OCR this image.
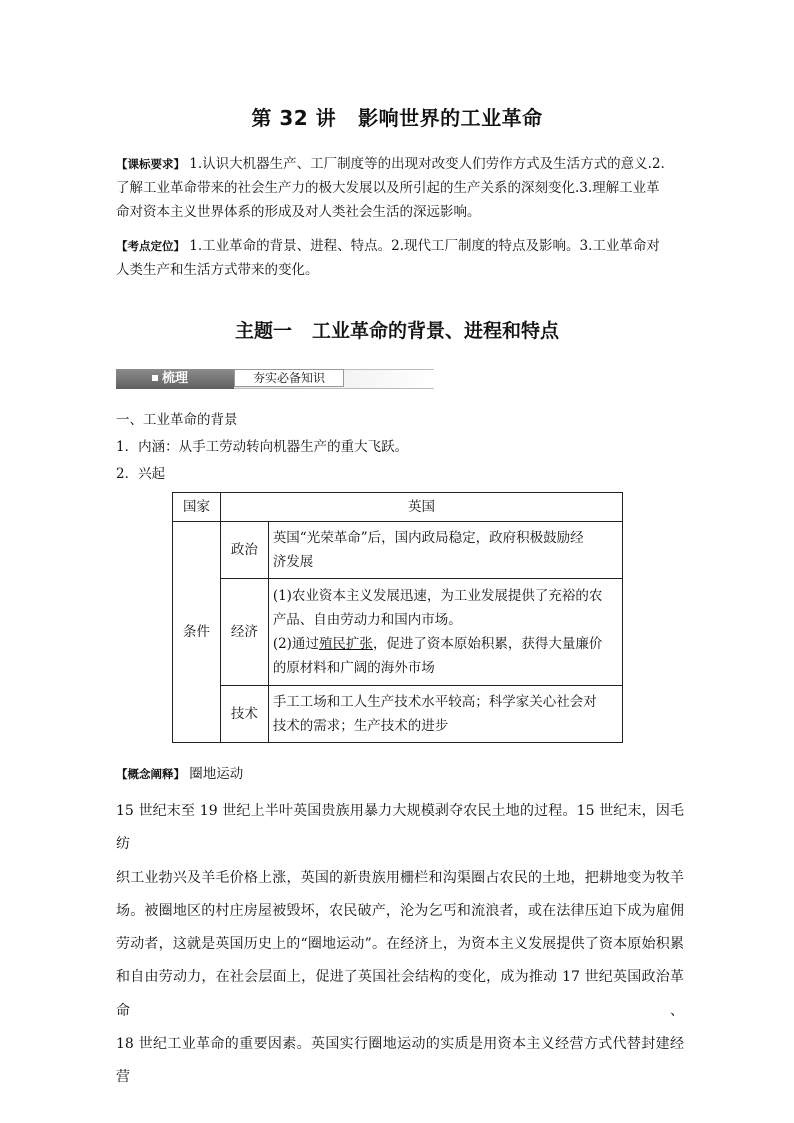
第 32 讲 影响世界的工业革命
【课标要求】 1.认识大机器生产、工厂制度等的出现对改变人们劳作方式及生活方式的意义.2.
了解工业革命带来的社会生产力的极大发展以及所引起的生产关系的深刻变化.3.理解工业革
命对资本主义世界体系的形成及对人类社会生活的深远影响。
【考点定位】 1.工业革命的背景、进程、特点。2.现代工厂制度的特点及影响。3.工业革命对
人类生产和生活方式带来的变化。
主题一 工业革命的背景、进程和特点
梳理	夯实必备知识
一、工业革命的背景
1．内涵：从手工劳动转向机器生产的重大飞跃。
2．兴起
国家	英国	
条件	政治	英国“光荣革命”后，国内政局稳定，政府积极鼓励经
济发展

	经济	(1)农业资本主义发展迅速，为工业发展提供了充裕的农
产品、自由劳动力和国内市场。
(2)通过殖民扩张，促进了资本原始积累，获得大量廉价
的原材料和广阔的海外市场

	技术	手工工场和工人生产技术水平较高；科学家关心社会对
技术的需求；生产技术的进步
【概念阐释】 圈地运动
15 世纪末至 19 世纪上半叶英国贵族用暴力大规模剥夺农民土地的过程。15 世纪末，因毛纺
织工业勃兴及羊毛价格上涨，英国的新贵族用栅栏和沟渠圈占农民的土地，把耕地变为牧羊
场。被圈地区的村庄房屋被毁坏，农民破产，沦为乞丐和流浪者，或在法律压迫下成为雇佣
劳动者，这就是英国历史上的“圈地运动”。在经济上，为资本主义发展提供了资本原始积累
和自由劳动力，在社会层面上，促进了英国社会结构的变化，成为推动 17 世纪英国政治革命、
18 世纪工业革命的重要因素。英国实行圈地运动的实质是用资本主义经营方式代替封建经营
